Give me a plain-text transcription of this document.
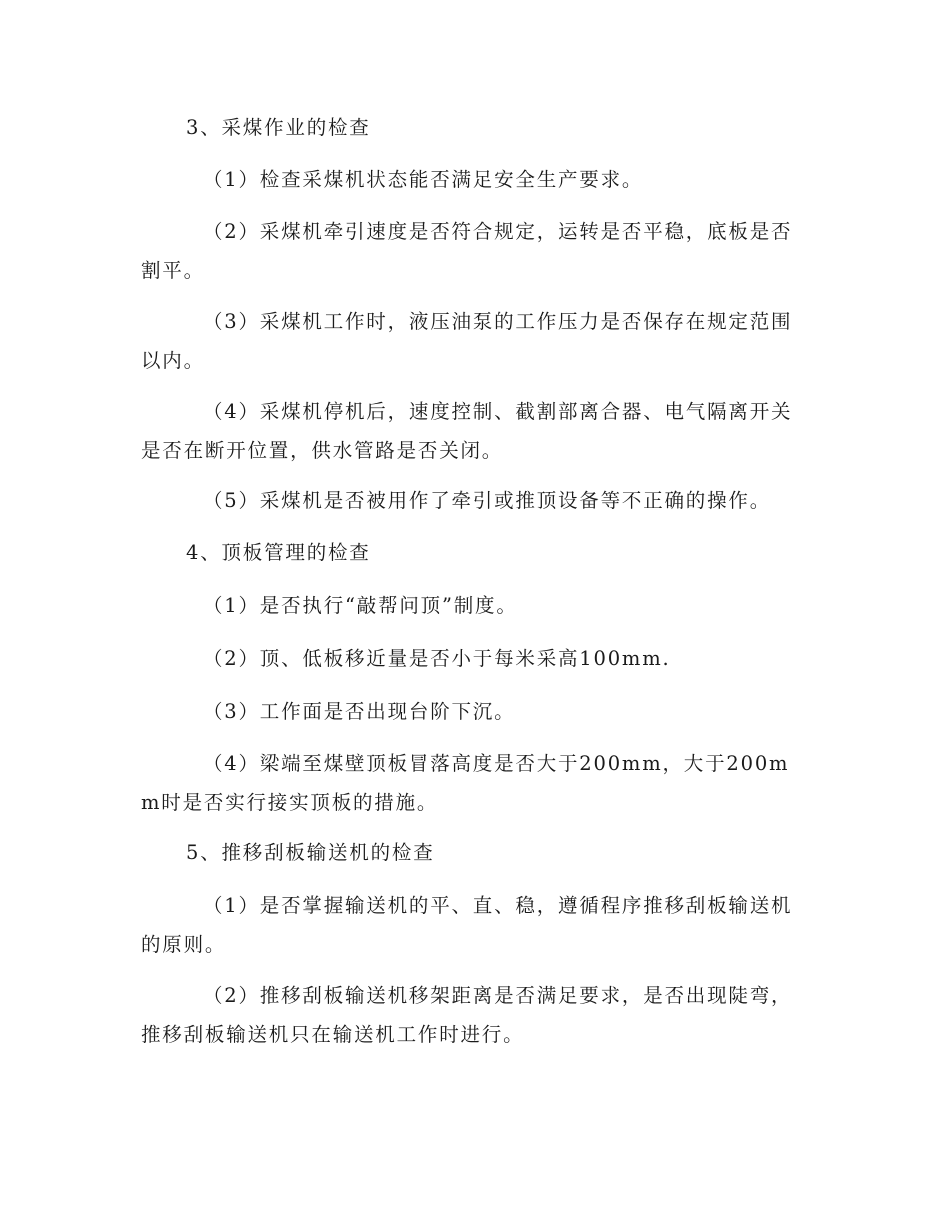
3、采煤作业的检查

（1）检查采煤机状态能否满足安全生产要求。

（2）采煤机牵引速度是否符合规定，运转是否平稳，底板是否割平。

（3）采煤机工作时，液压油泵的工作压力是否保存在规定范围以内。

（4）采煤机停机后，速度控制、截割部离合器、电气隔离开关是否在断开位置，供水管路是否关闭。

（5）采煤机是否被用作了牵引或推顶设备等不正确的操作。

4、顶板管理的检查

（1）是否执行“敲帮问顶”制度。

（2）顶、低板移近量是否小于每米采高100mm.

（3）工作面是否出现台阶下沉。

（4）梁端至煤壁顶板冒落高度是否大于200mm，大于200mm时是否实行接实顶板的措施。

5、推移刮板输送机的检查

（1）是否掌握输送机的平、直、稳，遵循程序推移刮板输送机的原则。

（2）推移刮板输送机移架距离是否满足要求，是否出现陡弯，推移刮板输送机只在输送机工作时进行。
